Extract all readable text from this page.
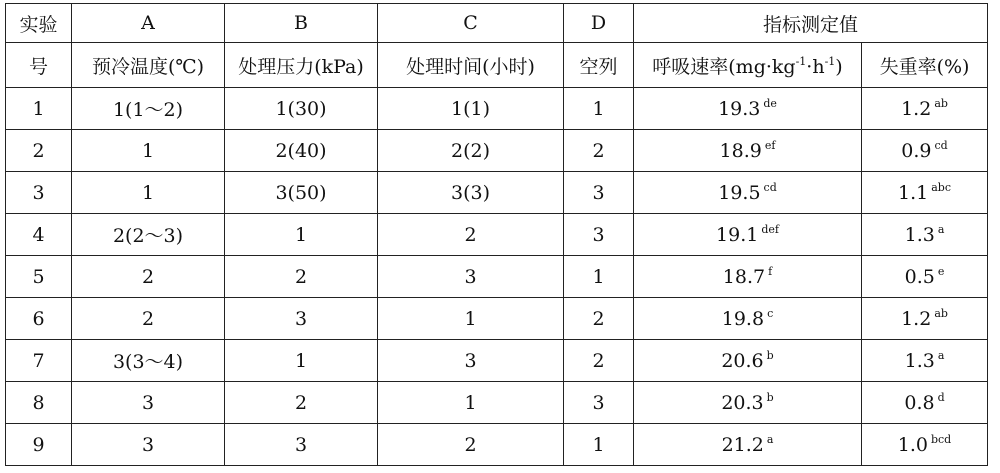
实验	A	B	C	D	指标测定值	
号	预冷温度(℃)	处理压力(kPa)	处理时间(小时)	空列	呼吸速率$(mg\cdot kg^{-1}\cdot h^{-1})$	失重率(%)
1	1(1～2)	1(30)	1(1)	1	19.3 $^{de}$	1.2 $^{ab}$
2	1	2(40)	2(2)	2	18.9 $^{ef}$	0.9 $^{cd}$
3	1	3(50)	3(3)	3	19.5 $^{cd}$	1.1 $^{abc}$
4	2(2～3)	1	2	3	19.1 $^{def}$	1.3 $^a$
5	2	2	3	1	18.7 $^f$	0.5 $^e$
6	2	3	1	2	19.8 $^c$	1.2 $^{ab}$
7	3(3～4)	1	3	2	20.6 $^b$	1.3 $^a$
8	3	2	1	3	20.3 $^b$	0.8 $^d$
9	3	3	2	1	21.2 $^a$	1.0 $^{bcd}$
